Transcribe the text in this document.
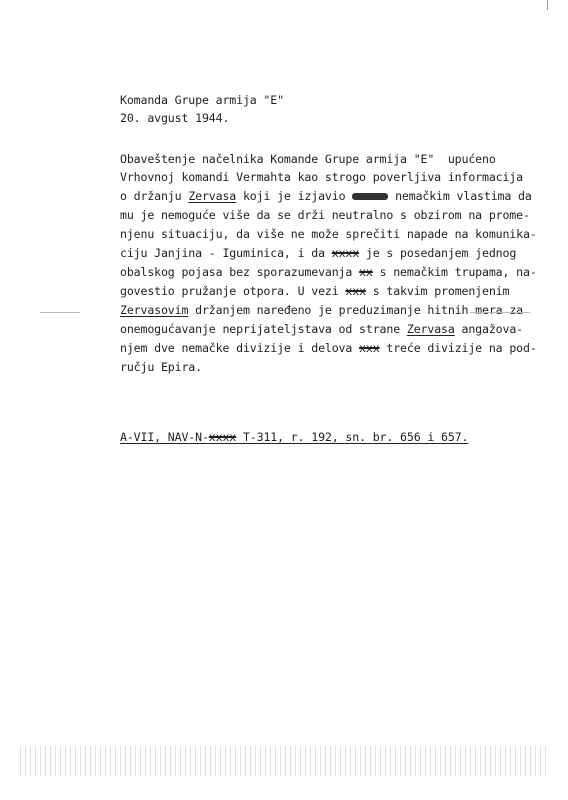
Komanda Grupe armija "E"
20. avgust 1944.
Obaveštenje načelnika Komande Grupe armija "E"  upućeno
Vrhovnoj komandi Vermahta kao strogo poverljiva informacija
o držanju Zervasa koji je izjavio	nemačkim vlastima da
mu je nemoguće više da se drži neutralno s obzirom na prome-
njenu situaciju, da više ne može sprečiti napade na komunika-
ciju Janjina - Iguminica, i da xxxx je s posedanjem jednog
obalskog pojasa bez sporazumevanja xx s nemačkim trupama, na-
govestio pružanje otpora. U vezi xxx s takvim promenjenim
Zervasovim držanjem naređeno je preduzimanje hitnih mera za
onemogućavanje neprijateljstava od strane Zervasa angažova-
njem dve nemačke divizije i delova xxx treće divizije na pod-
ručju Epira.
A-VII, NAV-N-xxxx T-311, r. 192, sn. br. 656 i 657.
